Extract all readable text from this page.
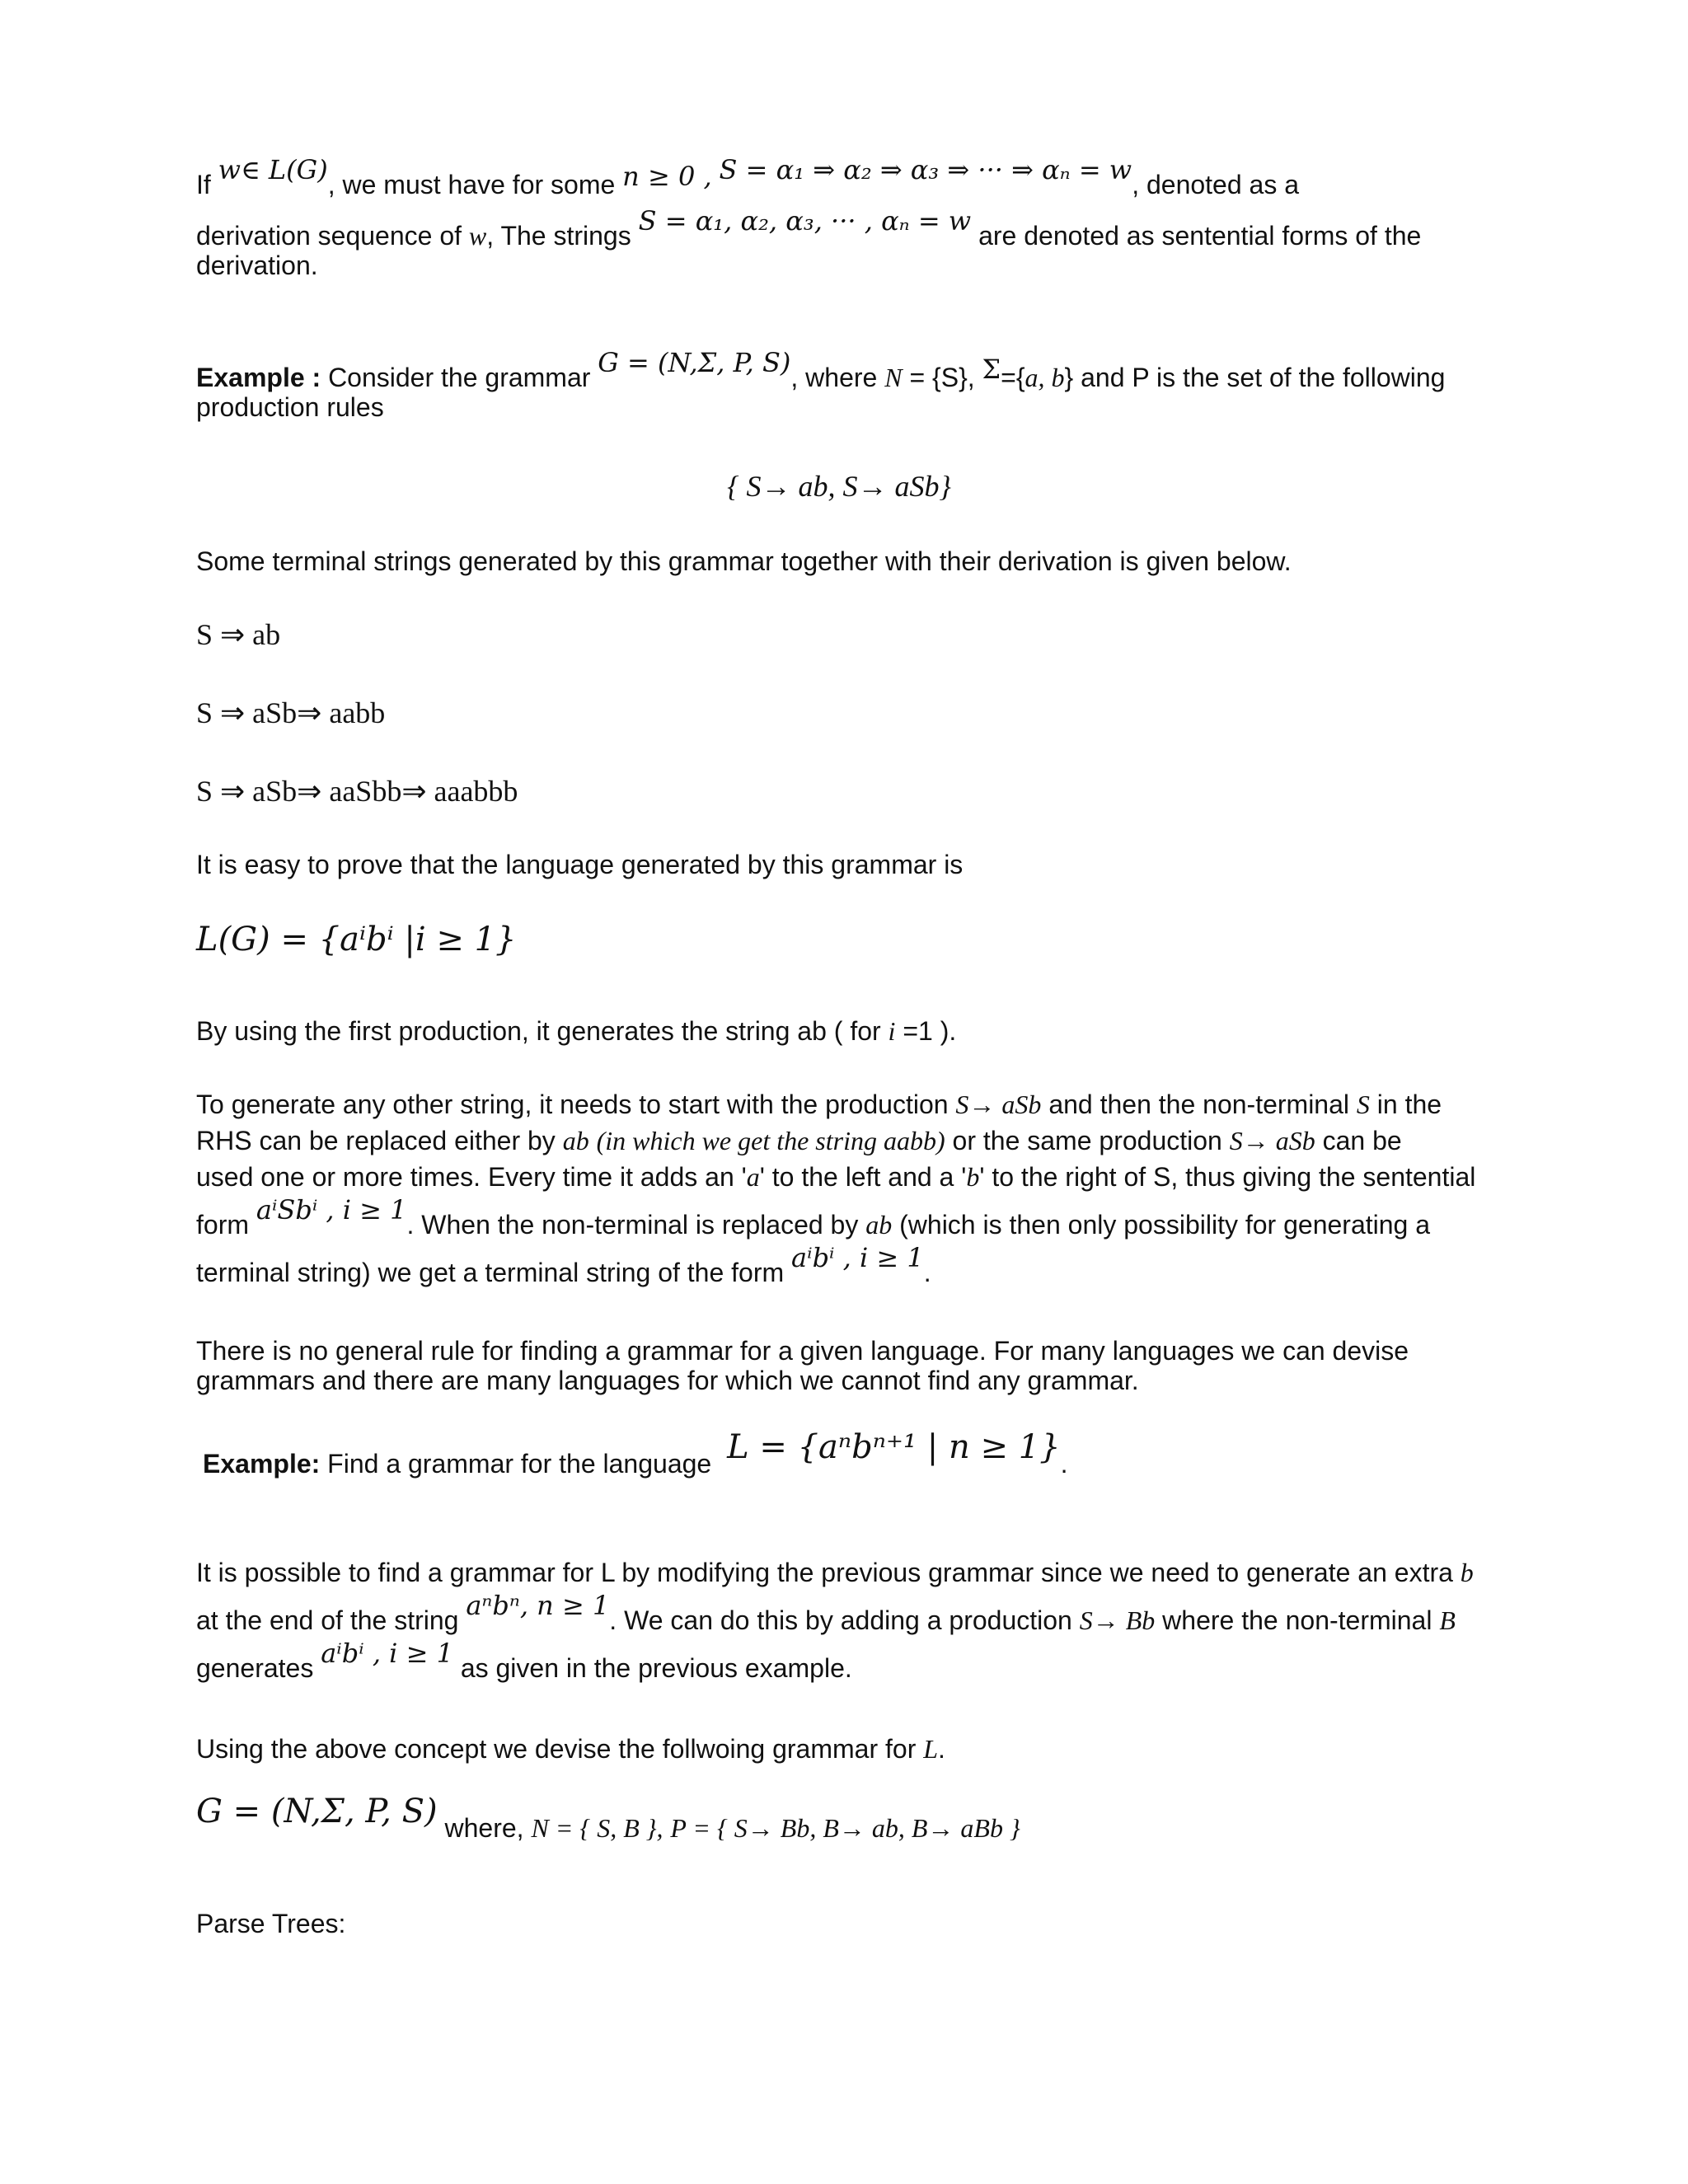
If w∈ L(G), we must have for some n ≥ 0 , S = α₁ ⇒ α₂ ⇒ α₃ ⇒ ··· ⇒ αₙ = w, denoted as a
derivation sequence of w, The strings S = α₁, α₂, α₃, ··· , αₙ = w are denoted as sentential forms of the
derivation.
Example : Consider the grammar G = (N,Σ, P, S), where N = {S}, Σ={a, b} and P is the set of the following
production rules
{ S→ ab, S→ aSb}
Some terminal strings generated by this grammar together with their derivation is given below.
S ⇒ ab
S ⇒ aSb⇒ aabb
S ⇒ aSb⇒ aaSbb⇒ aaabbb
It is easy to prove that the language generated by this grammar is
L(G) = {aⁱbⁱ |i ≥ 1}
By using the first production, it generates the string ab ( for i =1 ).
To generate any other string, it needs to start with the production S→ aSb and then the non-terminal S in the
RHS can be replaced either by ab (in which we get the string aabb) or the same production S→ aSb can be
used one or more times. Every time it adds an 'a' to the left and a 'b' to the right of S, thus giving the sentential
form aⁱSbⁱ , i ≥ 1. When the non-terminal is replaced by ab (which is then only possibility for generating a
terminal string) we get a terminal string of the form aⁱbⁱ , i ≥ 1.
There is no general rule for finding a grammar for a given language. For many languages we can devise grammars and there are many languages for which we cannot find any grammar.
Example: Find a grammar for the language L = {aⁿbⁿ⁺¹ | n ≥ 1}.
It is possible to find a grammar for L by modifying the previous grammar since we need to generate an extra b
at the end of the string aⁿbⁿ, n ≥ 1. We can do this by adding a production S→ Bb where the non-terminal B
generates aⁱbⁱ , i ≥ 1 as given in the previous example.
Using the above concept we devise the follwoing grammar for L.
G = (N,Σ, P, S) where, N = { S, B }, P = { S→ Bb, B→ ab, B→ aBb }
Parse Trees:
